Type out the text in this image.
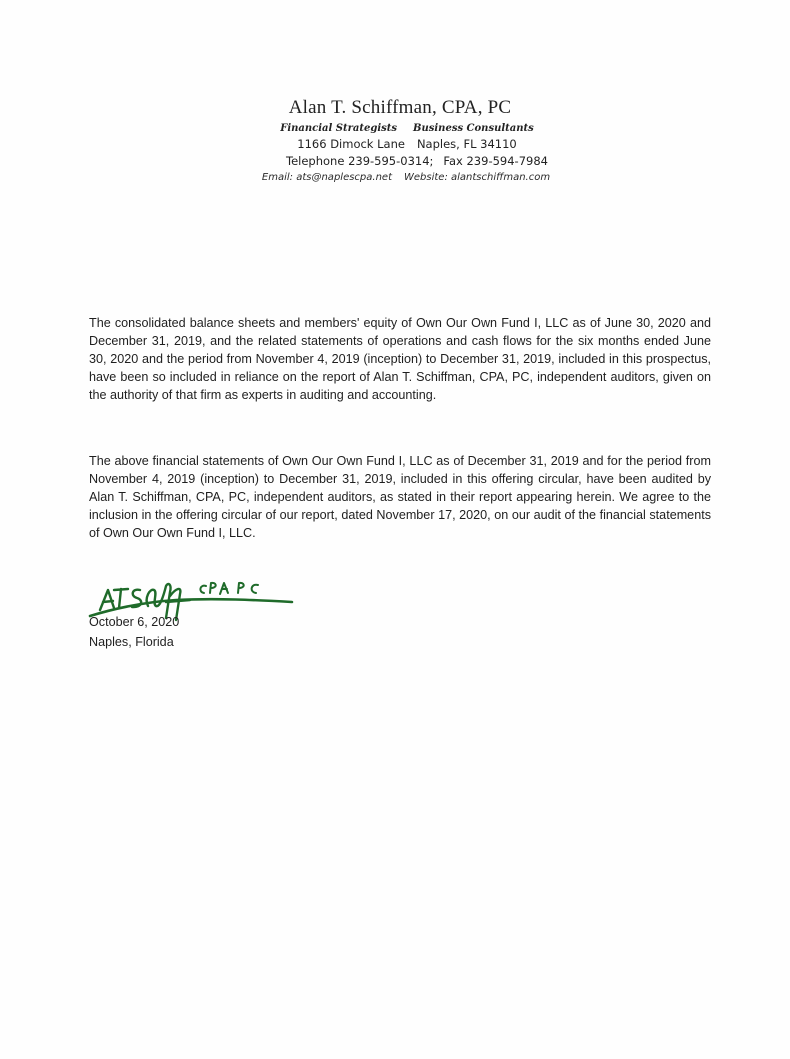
Alan T. Schiffman, CPA, PC
Financial Strategists Business Consultants
1166 Dimock Lane Naples, FL 34110
Telephone 239-595-0314; Fax 239-594-7984
Email: ats@naplescpa.net Website: alantschiffman.com

The consolidated balance sheets and members' equity of Own Our Own Fund I, LLC as of June 30, 2020 and December 31, 2019, and the related statements of operations and cash flows for the six months ended June 30, 2020 and the period from November 4, 2019 (inception) to December 31, 2019, included in this prospectus, have been so included in reliance on the report of Alan T. Schiffman, CPA, PC, independent auditors, given on the authority of that firm as experts in auditing and accounting.

The above financial statements of Own Our Own Fund I, LLC as of December 31, 2019 and for the period from November 4, 2019 (inception) to December 31, 2019, included in this offering circular, have been audited by Alan T. Schiffman, CPA, PC, independent auditors, as stated in their report appearing herein. We agree to the inclusion in the offering circular of our report, dated November 17, 2020, on our audit of the financial statements of Own Our Own Fund I, LLC.

October 6, 2020
Naples, Florida
